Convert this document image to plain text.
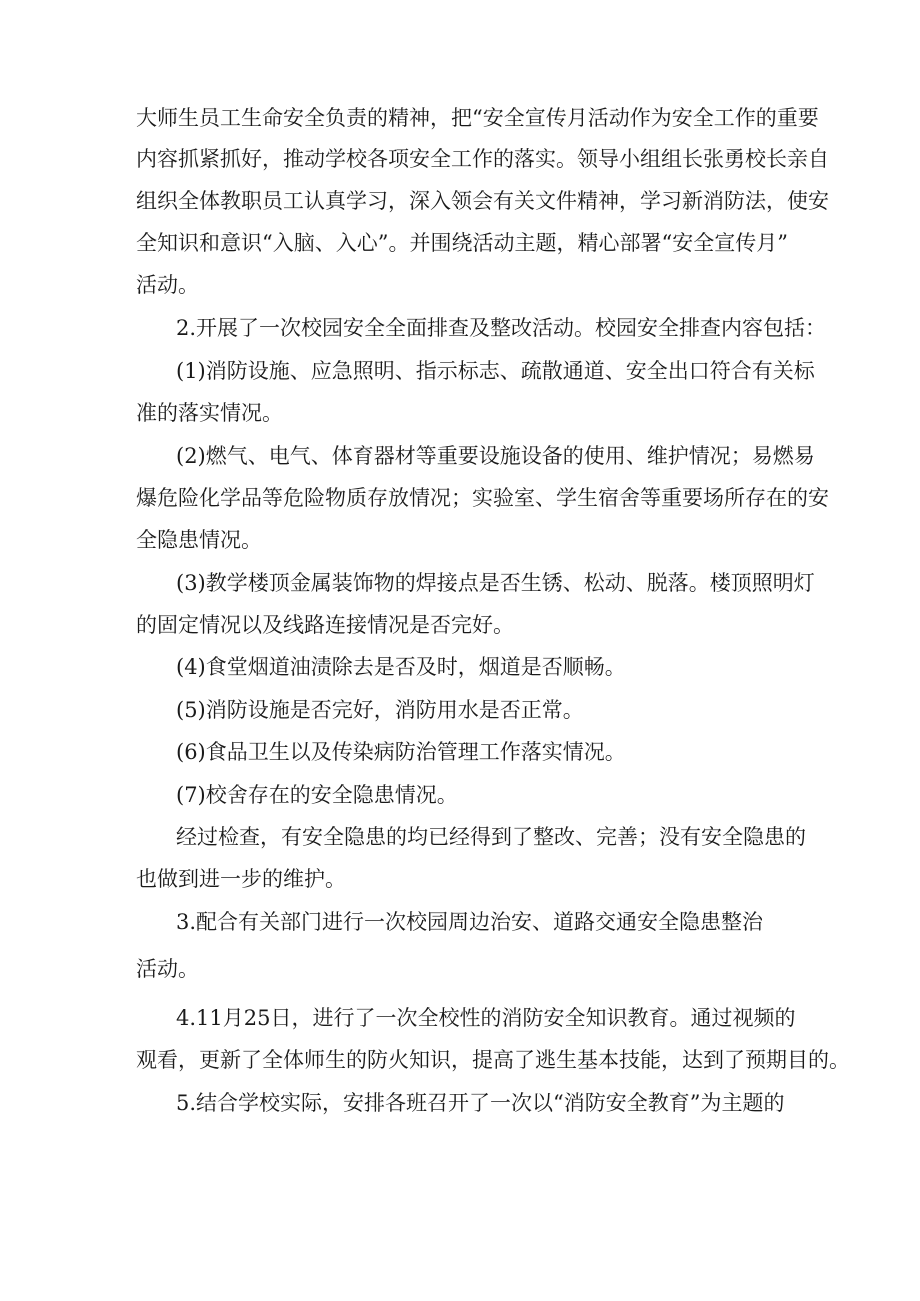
大师生员工生命安全负责的精神，把“安全宣传月活动作为安全工作的重要
内容抓紧抓好，推动学校各项安全工作的落实。领导小组组长张勇校长亲自
组织全体教职员工认真学习，深入领会有关文件精神，学习新消防法，使安
全知识和意识“入脑、入心”。并围绕活动主题，精心部署“安全宣传月”
活动。
2.开展了一次校园安全全面排查及整改活动。校园安全排查内容包括：
(1)消防设施、应急照明、指示标志、疏散通道、安全出口符合有关标
准的落实情况。
(2)燃气、电气、体育器材等重要设施设备的使用、维护情况；易燃易
爆危险化学品等危险物质存放情况；实验室、学生宿舍等重要场所存在的安
全隐患情况。
(3)教学楼顶金属装饰物的焊接点是否生锈、松动、脱落。楼顶照明灯
的固定情况以及线路连接情况是否完好。
(4)食堂烟道油渍除去是否及时，烟道是否顺畅。
(5)消防设施是否完好，消防用水是否正常。
(6)食品卫生以及传染病防治管理工作落实情况。
(7)校舍存在的安全隐患情况。
经过检查，有安全隐患的均已经得到了整改、完善；没有安全隐患的
也做到进一步的维护。
3.配合有关部门进行一次校园周边治安、道路交通安全隐患整治
活动。
4.11月25日，进行了一次全校性的消防安全知识教育。通过视频的
观看，更新了全体师生的防火知识，提高了逃生基本技能，达到了预期目的。
5.结合学校实际，安排各班召开了一次以“消防安全教育”为主题的
